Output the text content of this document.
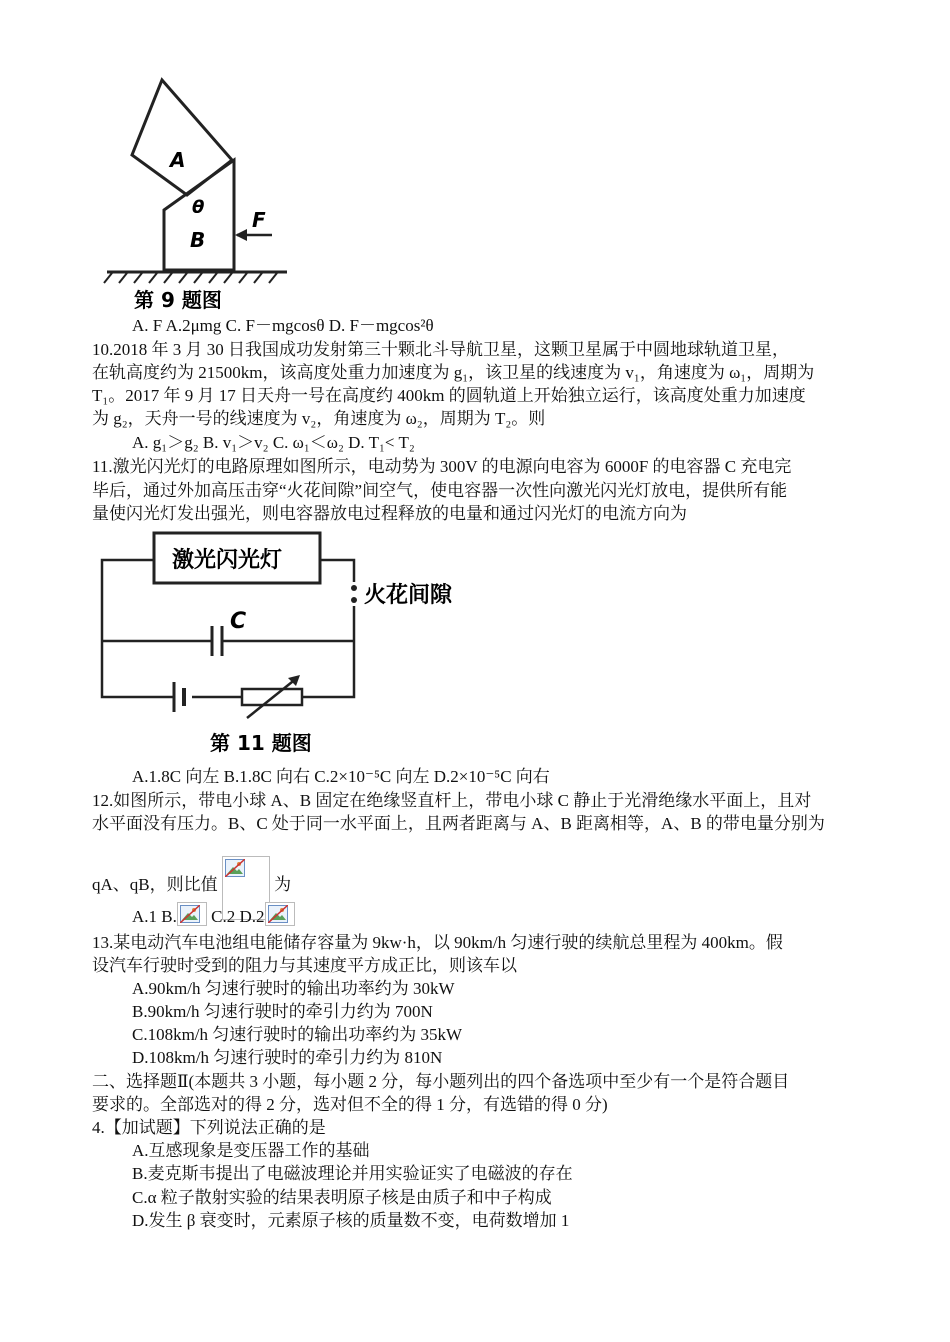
A
B
θ
F
第 9 题图
A. F A.2μmg C. F－mgcosθ D. F－mgcos²θ
10.2018 年 3 月 30 日我国成功发射第三十颗北斗导航卫星，这颗卫星属于中圆地球轨道卫星，
在轨高度约为 21500km，该高度处重力加速度为 g₁，该卫星的线速度为 v₁，角速度为 ω₁，周期为
T₁。2017 年 9 月 17 日天舟一号在高度约 400km 的圆轨道上开始独立运行，该高度处重力加速度
为 g₂，天舟一号的线速度为 v₂，角速度为 ω₂，周期为 T₂。则
A. g₁＞g₂ B. v₁＞v₂ C. ω₁＜ω₂ D. T₁< T₂
11.激光闪光灯的电路原理如图所示，电动势为 300V 的电源向电容为 6000F 的电容器 C 充电完
毕后，通过外加高压击穿“火花间隙”间空气，使电容器一次性向激光闪光灯放电，提供所有能
量使闪光灯发出强光，则电容器放电过程释放的电量和通过闪光灯的电流方向为
激光闪光灯
火花间隙
C
第 11 题图
A.1.8C 向左 B.1.8C 向右 C.2×10⁻⁵C 向左 D.2×10⁻⁵C 向右
12.如图所示，带电小球 A、B 固定在绝缘竖直杆上，带电小球 C 静止于光滑绝缘水平面上，且对
水平面没有压力。B、C 处于同一水平面上，且两者距离与 A、B 距离相等，A、B 的带电量分别为
qA、qB，则比值	为
A.1 B.
C.2 D.2
13.某电动汽车电池组电能储存容量为 9kw·h，以 90km/h 匀速行驶的续航总里程为 400km。假
设汽车行驶时受到的阻力与其速度平方成正比，则该车以
A.90km/h 匀速行驶时的输出功率约为 30kW
B.90km/h 匀速行驶时的牵引力约为 700N
C.108km/h 匀速行驶时的输出功率约为 35kW
D.108km/h 匀速行驶时的牵引力约为 810N
二、选择题Ⅱ(本题共 3 小题，每小题 2 分，每小题列出的四个备选项中至少有一个是符合题目
要求的。全部选对的得 2 分，选对但不全的得 1 分，有选错的得 0 分)
4.【加试题】下列说法正确的是
A.互感现象是变压器工作的基础
B.麦克斯韦提出了电磁波理论并用实验证实了电磁波的存在
C.α 粒子散射实验的结果表明原子核是由质子和中子构成
D.发生 β 衰变时，元素原子核的质量数不变，电荷数增加 1
